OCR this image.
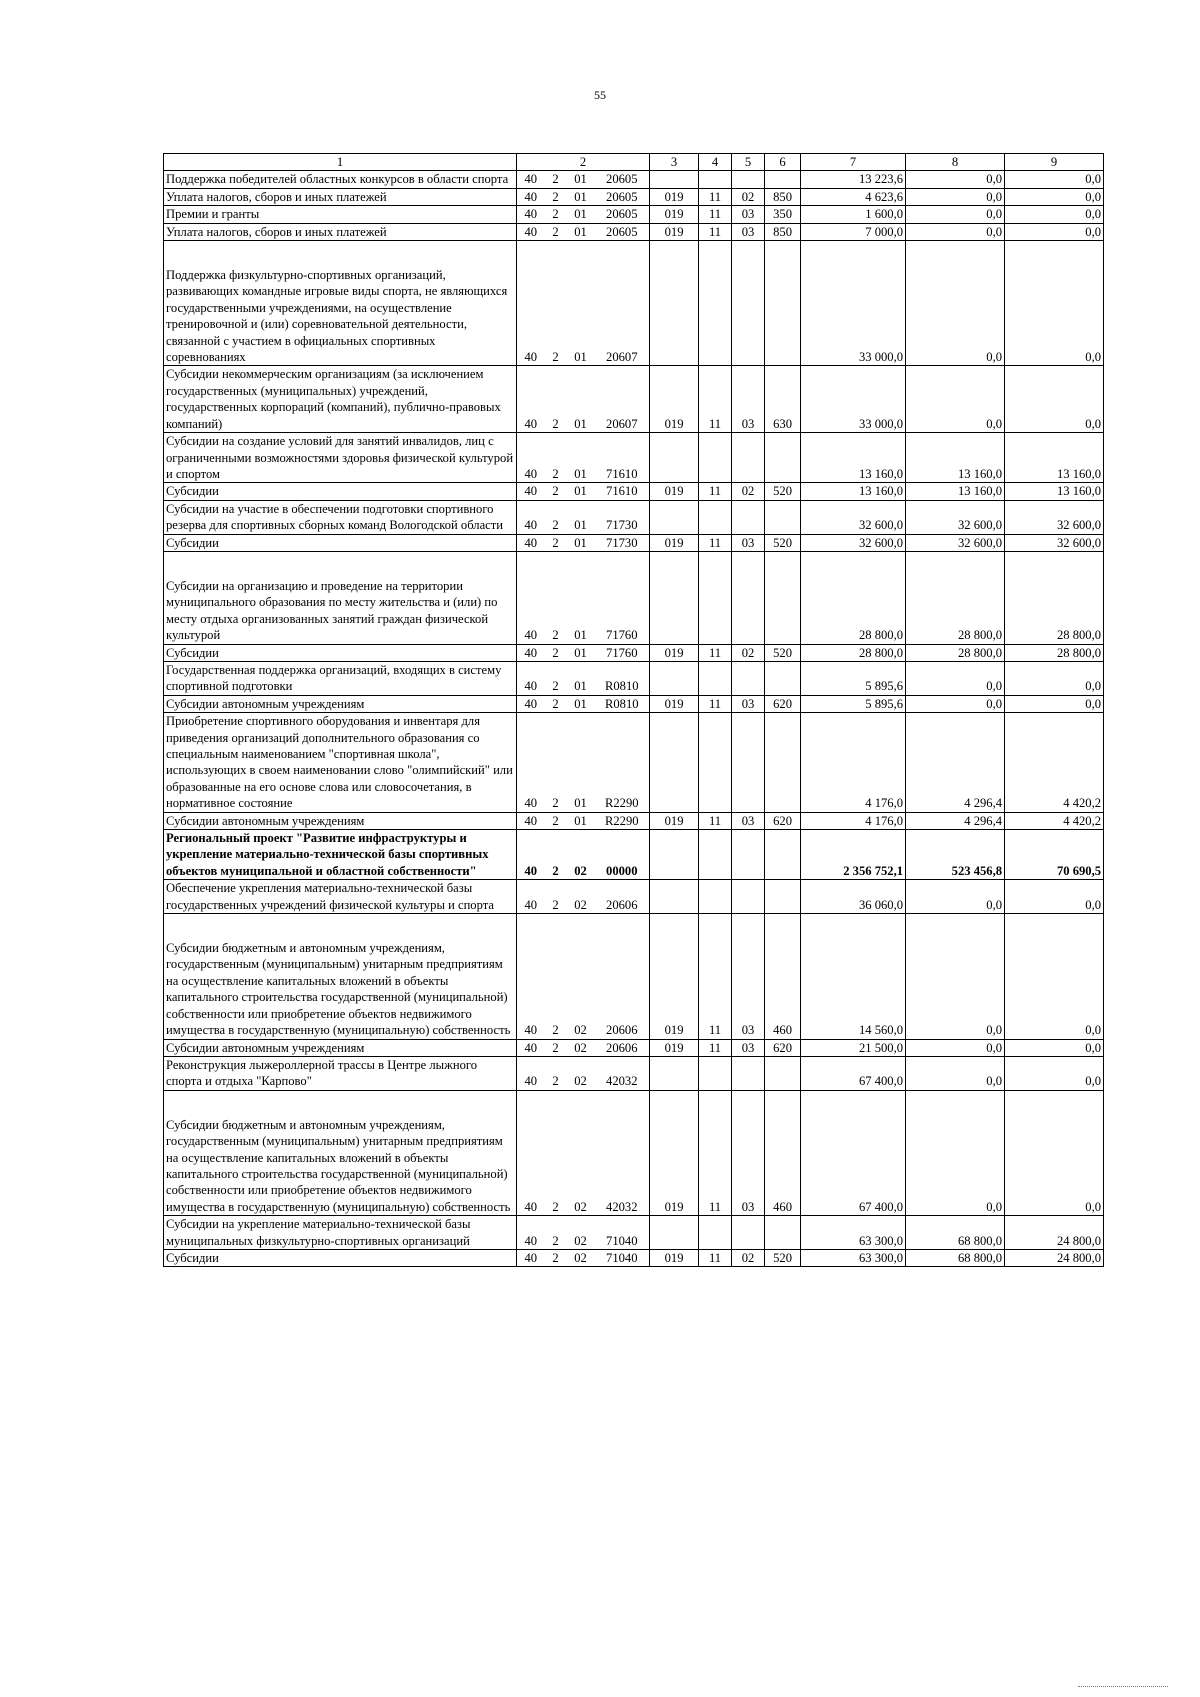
55
1	2				3	4	5	6	7	8	9
Поддержка победителей областных конкурсов в области спорта	40	2	01	20605					13 223,6	0,0	0,0
Уплата налогов, сборов и иных платежей	40	2	01	20605	019	11	02	850	4 623,6	0,0	0,0
Премии и гранты	40	2	01	20605	019	11	03	350	1 600,0	0,0	0,0
Уплата налогов, сборов и иных платежей	40	2	01	20605	019	11	03	850	7 000,0	0,0	0,0

Поддержка физкультурно-спортивных организаций, развивающих командные игровые виды спорта, не являющихся государственными учреждениями, на осуществление тренировочной и (или) соревновательной деятельности, связанной с участием в официальных спортивных соревнованиях	40	2	01	20607					33 000,0	0,0	0,0
Субсидии некоммерческим организациям (за исключением государственных (муниципальных) учреждений, государственных корпораций (компаний), публично-правовых компаний)	40	2	01	20607	019	11	03	630	33 000,0	0,0	0,0
Субсидии на создание условий для занятий инвалидов, лиц с ограниченными возможностями здоровья физической культурой и спортом	40	2	01	71610					13 160,0	13 160,0	13 160,0
Субсидии	40	2	01	71610	019	11	02	520	13 160,0	13 160,0	13 160,0
Субсидии на участие в обеспечении подготовки спортивного резерва для спортивных сборных команд Вологодской области	40	2	01	71730					32 600,0	32 600,0	32 600,0
Субсидии	40	2	01	71730	019	11	03	520	32 600,0	32 600,0	32 600,0

Субсидии на организацию и проведение на территории муниципального образования по месту жительства и (или) по месту отдыха организованных занятий граждан физической культурой	40	2	01	71760					28 800,0	28 800,0	28 800,0
Субсидии	40	2	01	71760	019	11	02	520	28 800,0	28 800,0	28 800,0
Государственная поддержка организаций, входящих в систему спортивной подготовки	40	2	01	R0810					5 895,6	0,0	0,0
Субсидии автономным учреждениям	40	2	01	R0810	019	11	03	620	5 895,6	0,0	0,0
Приобретение спортивного оборудования и инвентаря для приведения организаций дополнительного образования со специальным наименованием "спортивная школа", использующих в своем наименовании слово "олимпийский" или образованные на его основе слова или словосочетания, в нормативное состояние	40	2	01	R2290					4 176,0	4 296,4	4 420,2
Субсидии автономным учреждениям	40	2	01	R2290	019	11	03	620	4 176,0	4 296,4	4 420,2
Региональный проект "Развитие инфраструктуры и укрепление материально-технической базы спортивных объектов муниципальной и областной собственности"	40	2	02	00000					2 356 752,1	523 456,8	70 690,5
Обеспечение укрепления материально-технической базы государственных учреждений физической культуры и спорта	40	2	02	20606					36 060,0	0,0	0,0

Субсидии бюджетным и автономным учреждениям, государственным (муниципальным) унитарным предприятиям на осуществление капитальных вложений в объекты капитального строительства государственной (муниципальной) собственности или приобретение объектов недвижимого имущества в государственную (муниципальную) собственность	40	2	02	20606	019	11	03	460	14 560,0	0,0	0,0
Субсидии автономным учреждениям	40	2	02	20606	019	11	03	620	21 500,0	0,0	0,0
Реконструкция лыжероллерной трассы в Центре лыжного спорта и отдыха "Карпово"	40	2	02	42032					67 400,0	0,0	0,0

Субсидии бюджетным и автономным учреждениям, государственным (муниципальным) унитарным предприятиям на осуществление капитальных вложений в объекты капитального строительства государственной (муниципальной) собственности или приобретение объектов недвижимого имущества в государственную (муниципальную) собственность	40	2	02	42032	019	11	03	460	67 400,0	0,0	0,0
Субсидии на укрепление материально-технической базы муниципальных физкультурно-спортивных организаций	40	2	02	71040					63 300,0	68 800,0	24 800,0
Субсидии	40	2	02	71040	019	11	02	520	63 300,0	68 800,0	24 800,0
